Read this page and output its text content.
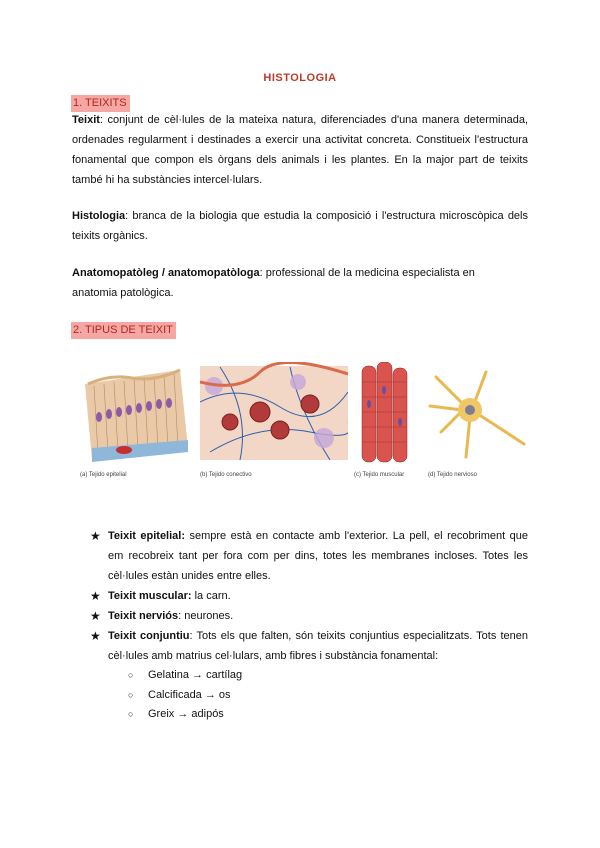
HISTOLOGIA
1. TEIXITS
Teixit: conjunt de cèl·lules de la mateixa natura, diferenciades d'una manera determinada, ordenades regularment i destinades a exercir una activitat concreta. Constitueix l'estructura fonamental que compon els òrgans dels animals i les plantes. En la major part de teixits també hi ha substàncies intercel·lulars.
Histologia: branca de la biologia que estudia la composició i l'estructura microscòpica dels teixits orgànics.
Anatomopatòleg / anatomopatòloga: professional de la medicina especialista en anatomia patològica.
2. TIPUS DE TEIXIT
(a) Tejido epitelial	(b) Tejido conectivo	(c) Tejido muscular	(d) Tejido nervioso
★ Teixit epitelial: sempre està en contacte amb l'exterior. La pell, el recobriment que em recobreix tant per fora com per dins, totes les membranes incloses. Totes les cèl·lules estàn unides entre elles.
★ Teixit muscular: la carn.
★ Teixit nerviós: neurones.
★ Teixit conjuntiu: Tots els que falten, són teixits conjuntius especialitzats. Tots tenen cèl·lules amb matrius cel·lulars, amb fibres i substància fonamental:
○ Gelatina → cartílag
○ Calcificada → os
○ Greix → adipós
